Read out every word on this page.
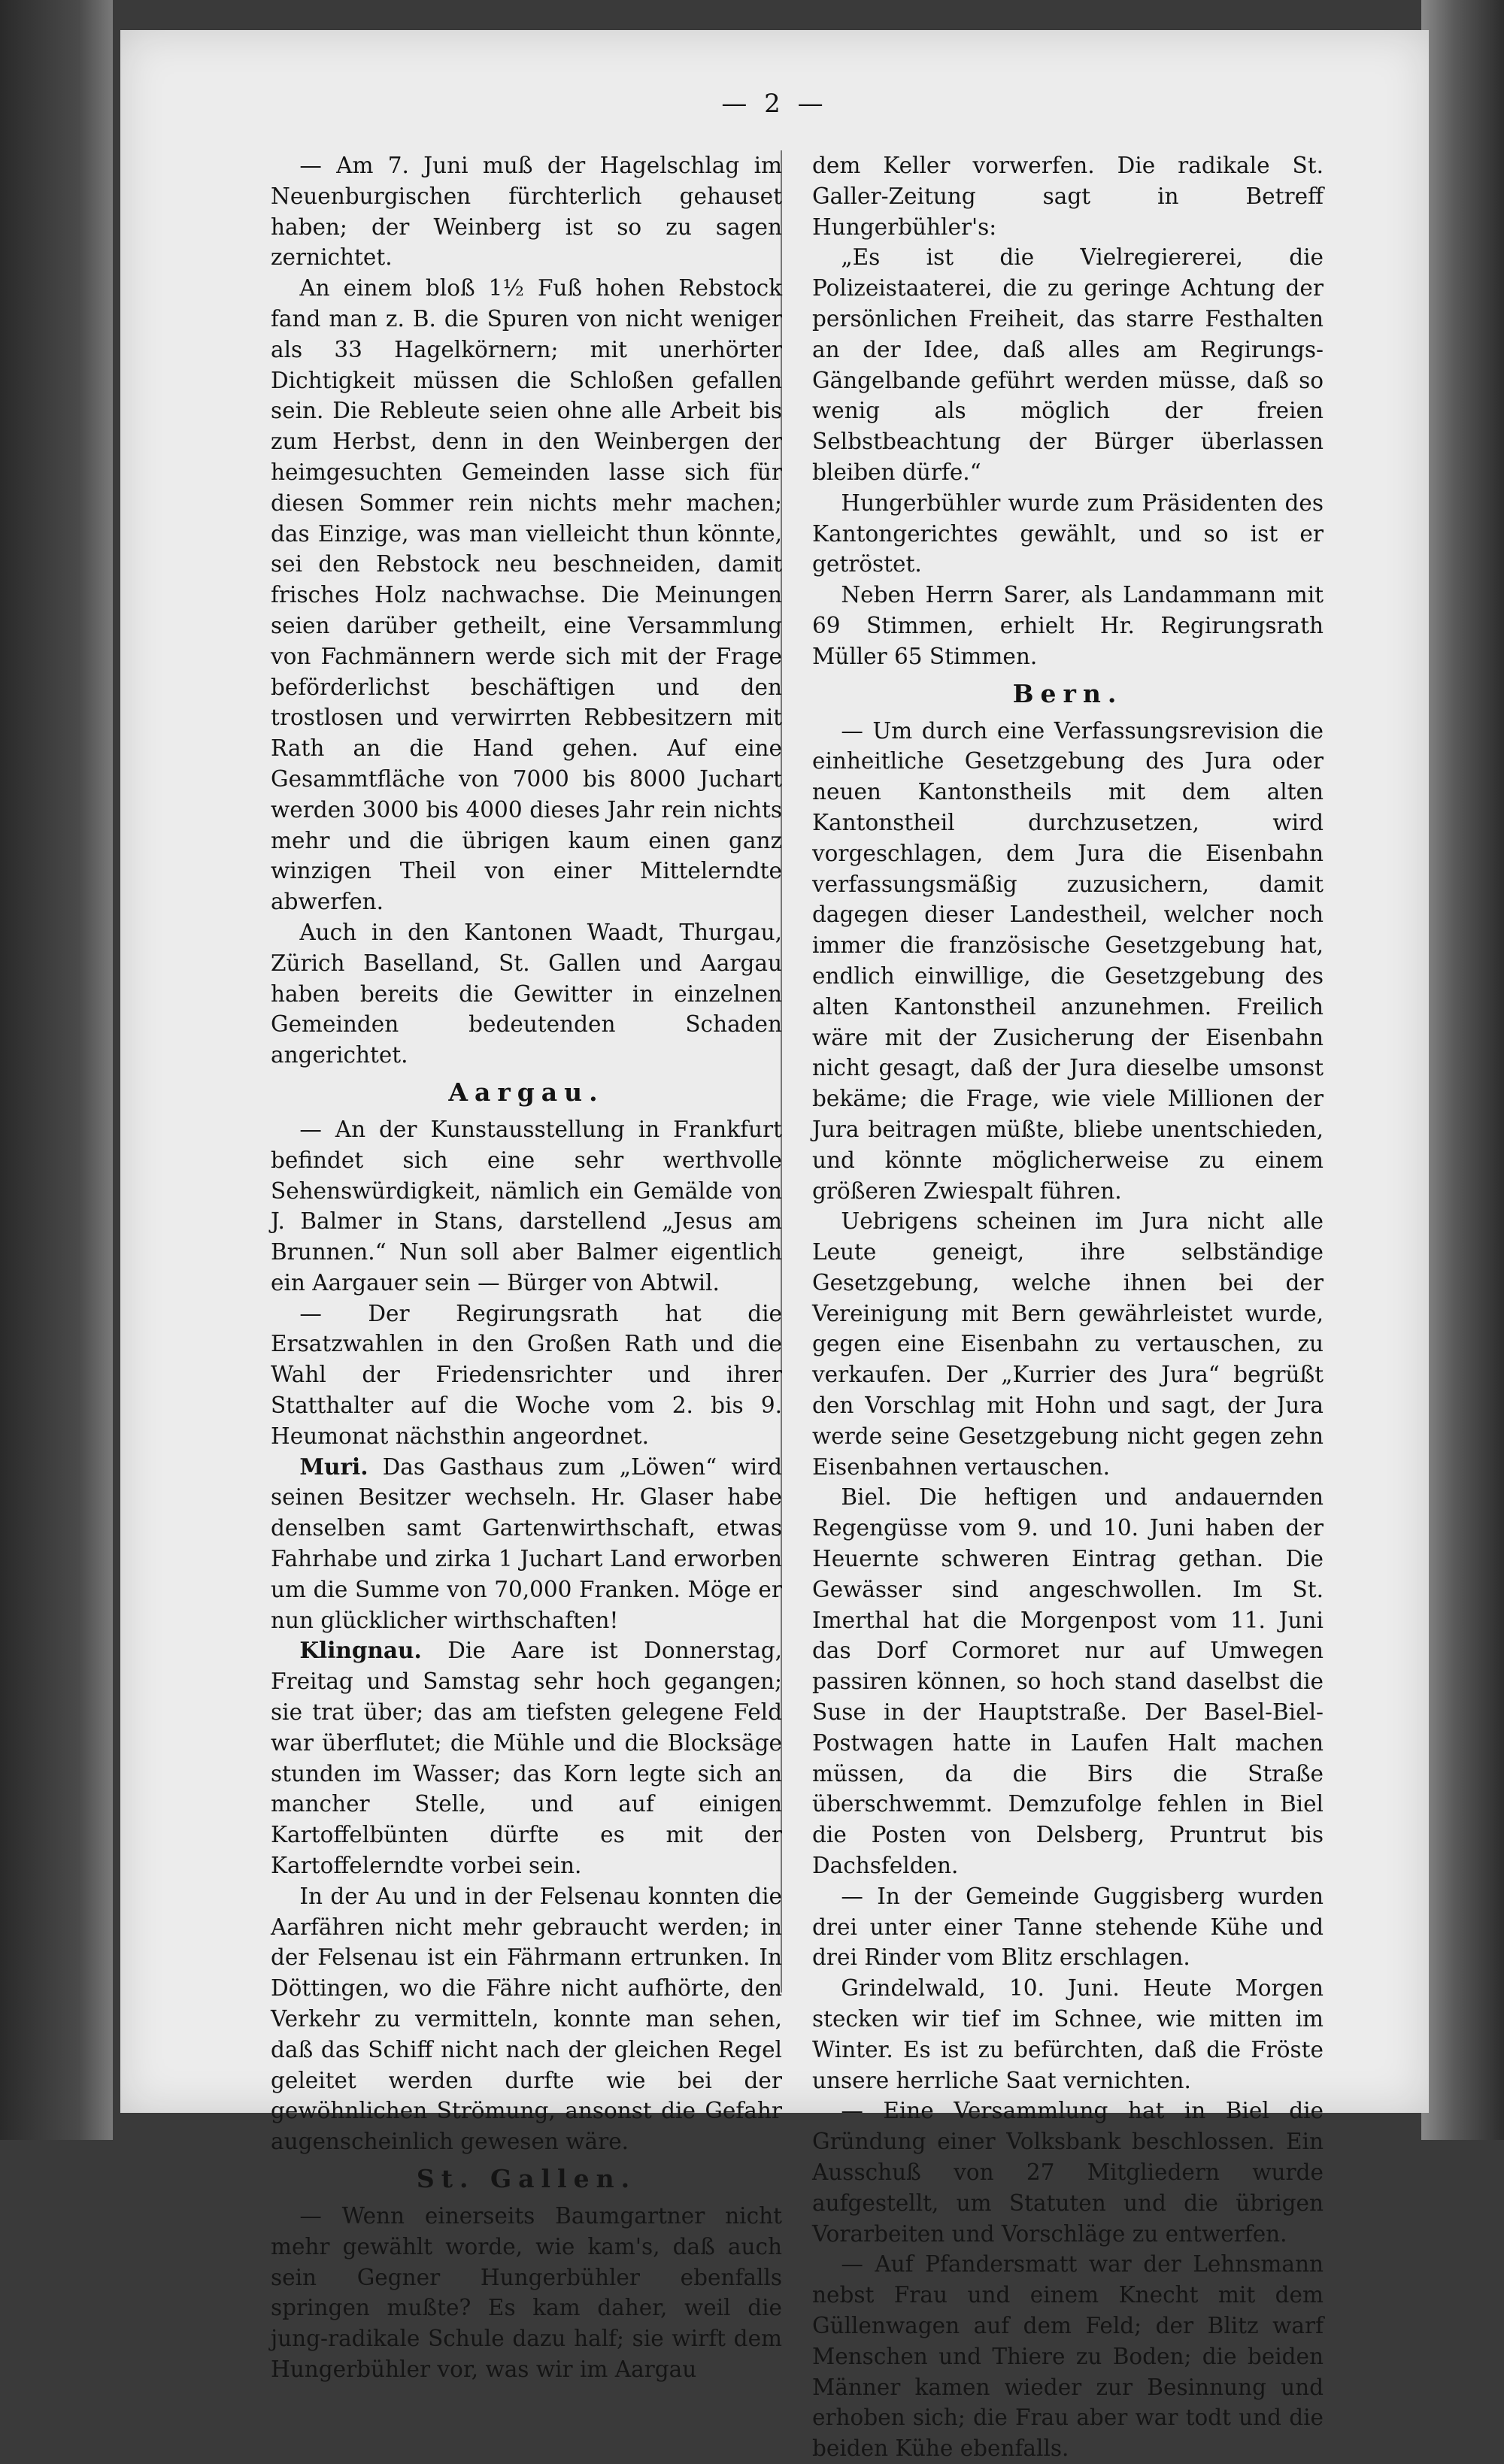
— 2 —

— Am 7. Juni muß der Hagelschlag im Neuenburgischen fürchterlich gehauset haben; der Weinberg ist so zu sagen zernichtet.

An einem bloß 1½ Fuß hohen Rebstock fand man z. B. die Spuren von nicht weniger als 33 Hagelkörnern; mit unerhörter Dichtigkeit müssen die Schloßen gefallen sein. Die Rebleute seien ohne alle Arbeit bis zum Herbst, denn in den Weinbergen der heimgesuchten Gemeinden lasse sich für diesen Sommer rein nichts mehr machen; das Einzige, was man vielleicht thun könnte, sei den Rebstock neu beschneiden, damit frisches Holz nachwachse. Die Meinungen seien darüber getheilt, eine Versammlung von Fachmännern werde sich mit der Frage beförderlichst beschäftigen und den trostlosen und verwirrten Rebbesitzern mit Rath an die Hand gehen. Auf eine Gesammtfläche von 7000 bis 8000 Juchart werden 3000 bis 4000 dieses Jahr rein nichts mehr und die übrigen kaum einen ganz winzigen Theil von einer Mittelerndte abwerfen.

Auch in den Kantonen Waadt, Thurgau, Zürich Baselland, St. Gallen und Aargau haben bereits die Gewitter in einzelnen Gemeinden bedeutenden Schaden angerichtet.

Aargau.

— An der Kunstausstellung in Frankfurt befindet sich eine sehr werthvolle Sehenswürdigkeit, nämlich ein Gemälde von J. Balmer in Stans, darstellend „Jesus am Brunnen.“ Nun soll aber Balmer eigentlich ein Aargauer sein — Bürger von Abtwil.

— Der Regirungsrath hat die Ersatzwahlen in den Großen Rath und die Wahl der Friedensrichter und ihrer Statthalter auf die Woche vom 2. bis 9. Heumonat nächsthin angeordnet.

Muri. Das Gasthaus zum „Löwen“ wird seinen Besitzer wechseln. Hr. Glaser habe denselben samt Gartenwirthschaft, etwas Fahrhabe und zirka 1 Juchart Land erworben um die Summe von 70,000 Franken. Möge er nun glücklicher wirthschaften!

Klingnau. Die Aare ist Donnerstag, Freitag und Samstag sehr hoch gegangen; sie trat über; das am tiefsten gelegene Feld war überflutet; die Mühle und die Blocksäge stunden im Wasser; das Korn legte sich an mancher Stelle, und auf einigen Kartoffelbünten dürfte es mit der Kartoffelerndte vorbei sein.

In der Au und in der Felsenau konnten die Aarfähren nicht mehr gebraucht werden; in der Felsenau ist ein Fährmann ertrunken. In Döttingen, wo die Fähre nicht aufhörte, den Verkehr zu vermitteln, konnte man sehen, daß das Schiff nicht nach der gleichen Regel geleitet werden durfte wie bei der gewöhnlichen Strömung, ansonst die Gefahr augenscheinlich gewesen wäre.

St. Gallen.

— Wenn einerseits Baumgartner nicht mehr gewählt worde, wie kam's, daß auch sein Gegner Hungerbühler ebenfalls springen mußte? Es kam daher, weil die jung-radikale Schule dazu half; sie wirft dem Hungerbühler vor, was wir im Aargau

dem Keller vorwerfen. Die radikale St. Galler-Zeitung sagt in Betreff Hungerbühler's:

„Es ist die Vielregiererei, die Polizeistaaterei, die zu geringe Achtung der persönlichen Freiheit, das starre Festhalten an der Idee, daß alles am Regirungs-Gängelbande geführt werden müsse, daß so wenig als möglich der freien Selbstbeachtung der Bürger überlassen bleiben dürfe.“

Hungerbühler wurde zum Präsidenten des Kantongerichtes gewählt, und so ist er getröstet.

Neben Herrn Sarer, als Landammann mit 69 Stimmen, erhielt Hr. Regirungsrath Müller 65 Stimmen.

Bern.

— Um durch eine Verfassungsrevision die einheitliche Gesetzgebung des Jura oder neuen Kantonstheils mit dem alten Kantonstheil durchzusetzen, wird vorgeschlagen, dem Jura die Eisenbahn verfassungsmäßig zuzusichern, damit dagegen dieser Landestheil, welcher noch immer die französische Gesetzgebung hat, endlich einwillige, die Gesetzgebung des alten Kantonstheil anzunehmen. Freilich wäre mit der Zusicherung der Eisenbahn nicht gesagt, daß der Jura dieselbe umsonst bekäme; die Frage, wie viele Millionen der Jura beitragen müßte, bliebe unentschieden, und könnte möglicherweise zu einem größeren Zwiespalt führen.

Uebrigens scheinen im Jura nicht alle Leute geneigt, ihre selbständige Gesetzgebung, welche ihnen bei der Vereinigung mit Bern gewährleistet wurde, gegen eine Eisenbahn zu vertauschen, zu verkaufen. Der „Kurrier des Jura“ begrüßt den Vorschlag mit Hohn und sagt, der Jura werde seine Gesetzgebung nicht gegen zehn Eisenbahnen vertauschen.

Biel. Die heftigen und andauernden Regengüsse vom 9. und 10. Juni haben der Heuernte schweren Eintrag gethan. Die Gewässer sind angeschwollen. Im St. Imerthal hat die Morgenpost vom 11. Juni das Dorf Cormoret nur auf Umwegen passiren können, so hoch stand daselbst die Suse in der Hauptstraße. Der Basel-Biel-Postwagen hatte in Laufen Halt machen müssen, da die Birs die Straße überschwemmt. Demzufolge fehlen in Biel die Posten von Delsberg, Pruntrut bis Dachsfelden.

— In der Gemeinde Guggisberg wurden drei unter einer Tanne stehende Kühe und drei Rinder vom Blitz erschlagen.

Grindelwald, 10. Juni. Heute Morgen stecken wir tief im Schnee, wie mitten im Winter. Es ist zu befürchten, daß die Fröste unsere herrliche Saat vernichten.

— Eine Versammlung hat in Biel die Gründung einer Volksbank beschlossen. Ein Ausschuß von 27 Mitgliedern wurde aufgestellt, um Statuten und die übrigen Vorarbeiten und Vorschläge zu entwerfen.

— Auf Pfandersmatt war der Lehnsmann nebst Frau und einem Knecht mit dem Güllenwagen auf dem Feld; der Blitz warf Menschen und Thiere zu Boden; die beiden Männer kamen wieder zur Besinnung und erhoben sich; die Frau aber war todt und die beiden Kühe ebenfalls.
